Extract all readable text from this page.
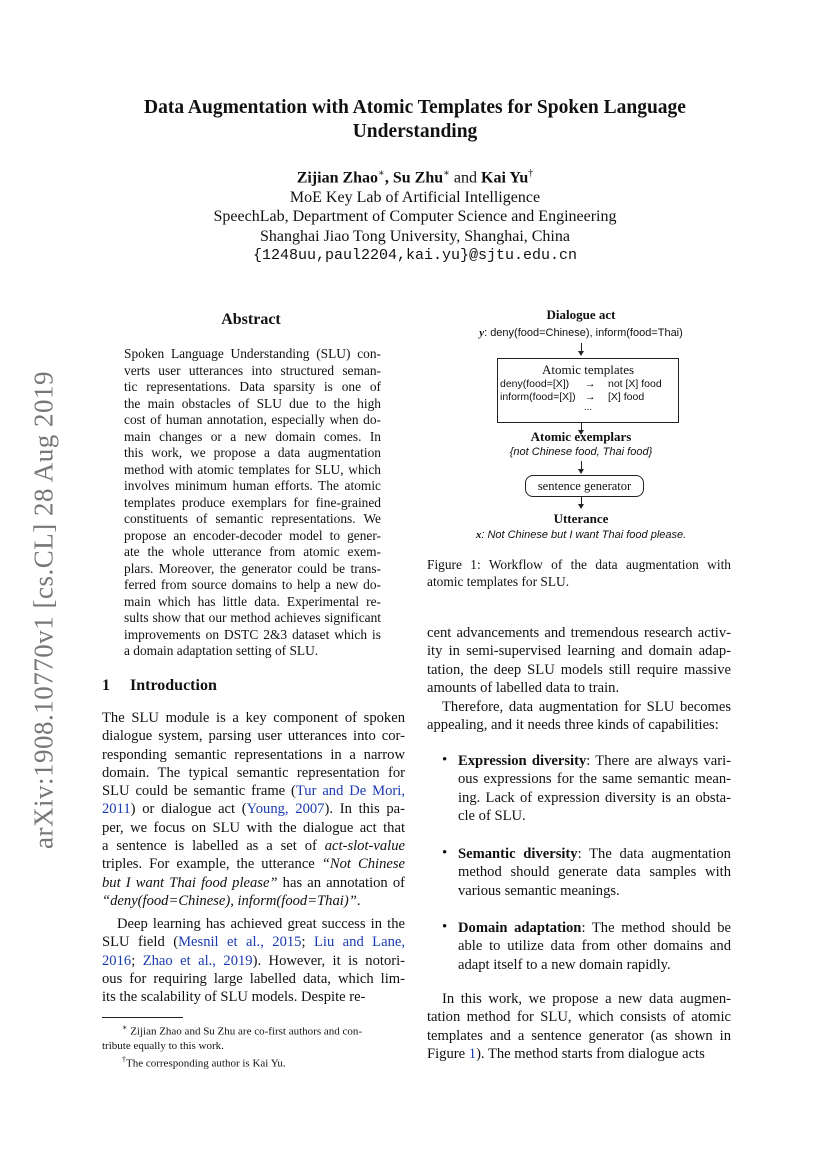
arXiv:1908.10770v1 [cs.CL] 28 Aug 2019
Data Augmentation with Atomic Templates for Spoken Language
Understanding
Zijian Zhao∗, Su Zhu∗ and Kai Yu†
MoE Key Lab of Artificial Intelligence
SpeechLab, Department of Computer Science and Engineering
Shanghai Jiao Tong University, Shanghai, China
{1248uu,paul2204,kai.yu}@sjtu.edu.cn
Abstract
Spoken Language Understanding (SLU) con-
verts user utterances into structured seman-
tic representations. Data sparsity is one of
the main obstacles of SLU due to the high
cost of human annotation, especially when do-
main changes or a new domain comes. In
this work, we propose a data augmentation
method with atomic templates for SLU, which
involves minimum human efforts. The atomic
templates produce exemplars for fine-grained
constituents of semantic representations. We
propose an encoder-decoder model to gener-
ate the whole utterance from atomic exem-
plars. Moreover, the generator could be trans-
ferred from source domains to help a new do-
main which has little data. Experimental re-
sults show that our method achieves significant
improvements on DSTC 2&3 dataset which is
a domain adaptation setting of SLU.
1 Introduction
The SLU module is a key component of spoken
dialogue system, parsing user utterances into cor-
responding semantic representations in a narrow
domain. The typical semantic representation for
SLU could be semantic frame (Tur and De Mori,
2011) or dialogue act (Young, 2007). In this pa-
per, we focus on SLU with the dialogue act that
a sentence is labelled as a set of act-slot-value
triples. For example, the utterance “Not Chinese
but I want Thai food please” has an annotation of
“deny(food=Chinese), inform(food=Thai)”.
Deep learning has achieved great success in the
SLU field (Mesnil et al., 2015; Liu and Lane,
2016; Zhao et al., 2019). However, it is notori-
ous for requiring large labelled data, which lim-
its the scalability of SLU models. Despite re-
∗ Zijian Zhao and Su Zhu are co-first authors and con-
tribute equally to this work.
†The corresponding author is Kai Yu.
Dialogue act
y: deny(food=Chinese), inform(food=Thai)
Atomic templates
deny(food=[X]) → not [X] food
inform(food=[X]) → [X] food
...
Atomic exemplars
{not Chinese food, Thai food}
sentence generator
Utterance
x: Not Chinese but I want Thai food please.
Figure 1: Workflow of the data augmentation with
atomic templates for SLU.
cent advancements and tremendous research activ-
ity in semi-supervised learning and domain adap-
tation, the deep SLU models still require massive
amounts of labelled data to train.
Therefore, data augmentation for SLU becomes
appealing, and it needs three kinds of capabilities:
• Expression diversity: There are always vari-
ous expressions for the same semantic mean-
ing. Lack of expression diversity is an obsta-
cle of SLU.
• Semantic diversity: The data augmentation
method should generate data samples with
various semantic meanings.
• Domain adaptation: The method should be
able to utilize data from other domains and
adapt itself to a new domain rapidly.
In this work, we propose a new data augmen-
tation method for SLU, which consists of atomic
templates and a sentence generator (as shown in
Figure 1). The method starts from dialogue acts
